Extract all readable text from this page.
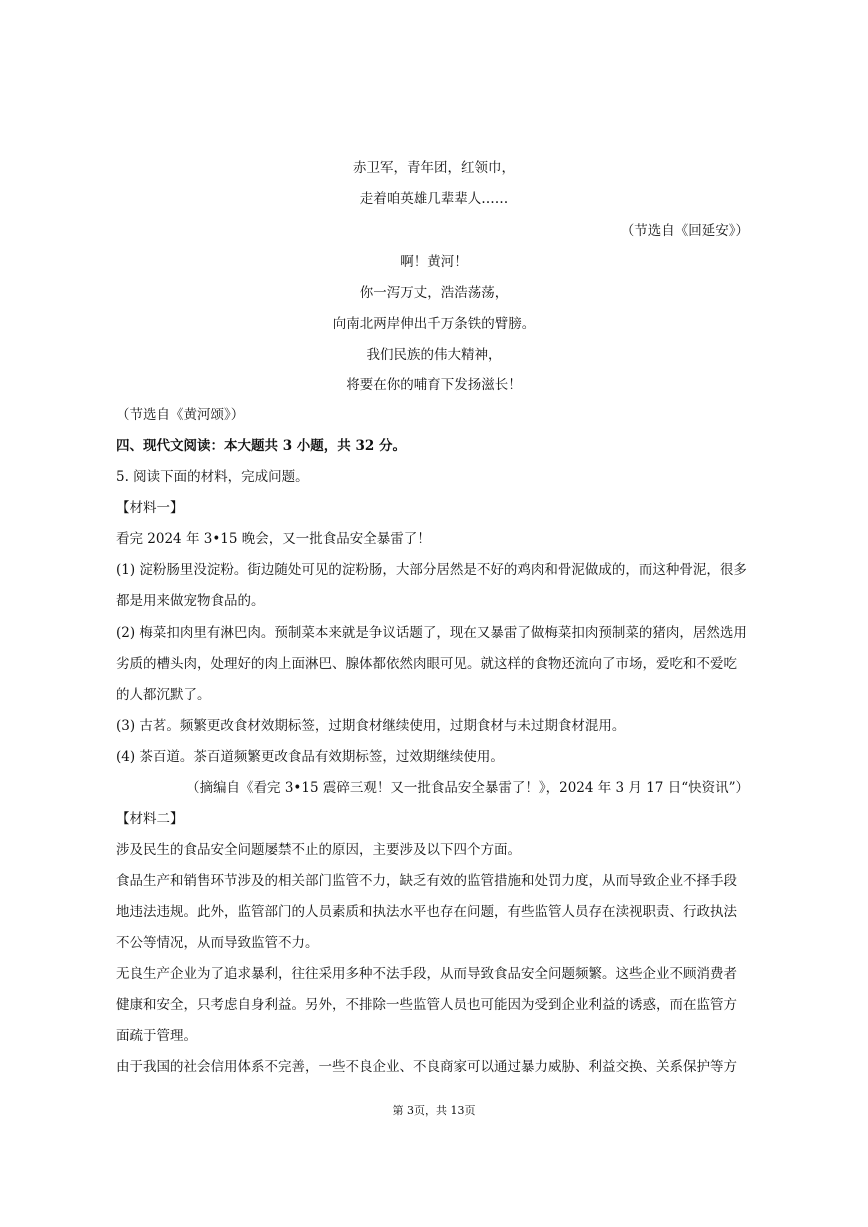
赤卫军，青年团，红领巾，
走着咱英雄几辈辈人……
（节选自《回延安》）
啊！黄河！
你一泻万丈，浩浩荡荡，
向南北两岸伸出千万条铁的臂膀。
我们民族的伟大精神，
将要在你的哺育下发扬滋长！
（节选自《黄河颂》）
四、现代文阅读：本大题共 3 小题，共 32 分。
5. 阅读下面的材料，完成问题。
【材料一】
看完 2024 年 3•15 晚会，又一批食品安全暴雷了！
(1) 淀粉肠里没淀粉。街边随处可见的淀粉肠，大部分居然是不好的鸡肉和骨泥做成的，而这种骨泥，很多
都是用来做宠物食品的。
(2) 梅菜扣肉里有淋巴肉。预制菜本来就是争议话题了，现在又暴雷了做梅菜扣肉预制菜的猪肉，居然选用
劣质的槽头肉，处理好的肉上面淋巴、腺体都依然肉眼可见。就这样的食物还流向了市场，爱吃和不爱吃
的人都沉默了。
(3) 古茗。频繁更改食材效期标签，过期食材继续使用，过期食材与未过期食材混用。
(4) 茶百道。茶百道频繁更改食品有效期标签，过效期继续使用。
（摘编自《看完 3•15 震碎三观！又一批食品安全暴雷了！》，2024 年 3 月 17 日“快资讯”）
【材料二】
涉及民生的食品安全问题屡禁不止的原因，主要涉及以下四个方面。
食品生产和销售环节涉及的相关部门监管不力，缺乏有效的监管措施和处罚力度，从而导致企业不择手段
地违法违规。此外，监管部门的人员素质和执法水平也存在问题，有些监管人员存在渎视职责、行政执法
不公等情况，从而导致监管不力。
无良生产企业为了追求暴利，往往采用多种不法手段，从而导致食品安全问题频繁。这些企业不顾消费者
健康和安全，只考虑自身利益。另外，不排除一些监管人员也可能因为受到企业利益的诱惑，而在监管方
面疏于管理。
由于我国的社会信用体系不完善，一些不良企业、不良商家可以通过暴力威胁、利益交换、关系保护等方
第 3页，共 13页
